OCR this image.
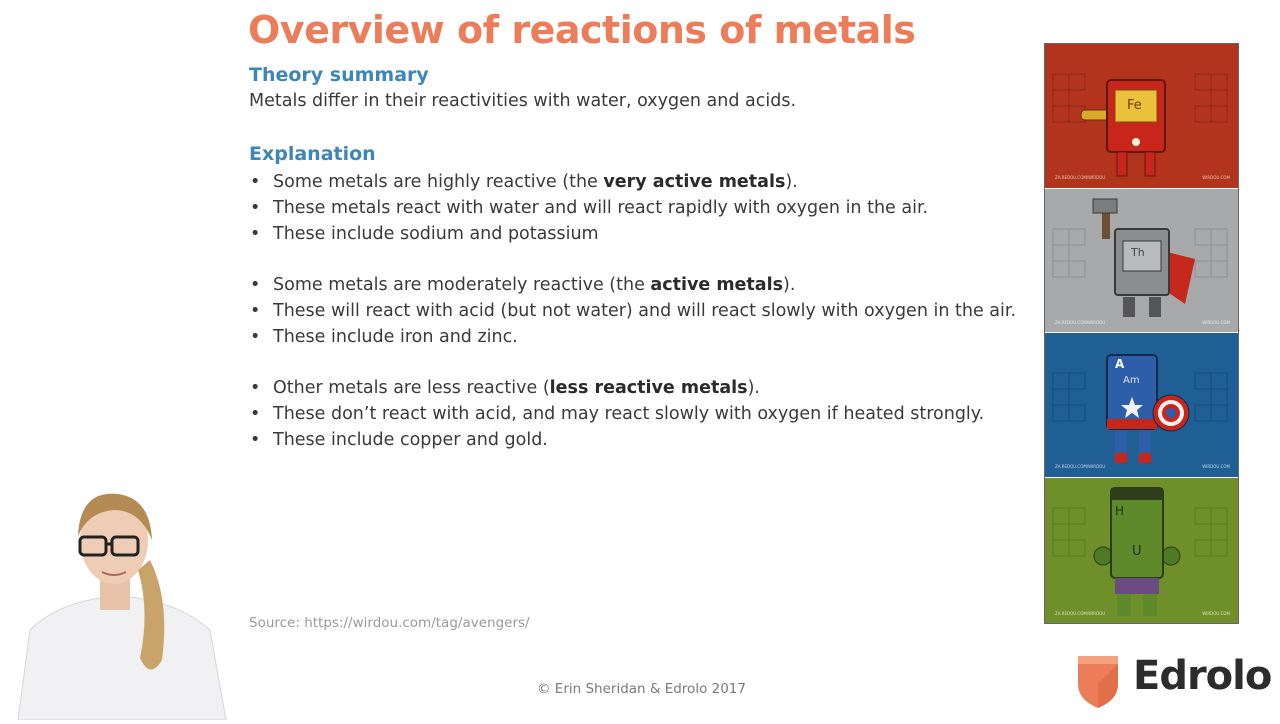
Overview of reactions of metals
Theory summary
Metals differ in their reactivities with water, oxygen and acids.
Explanation
• Some metals are highly reactive (the very active metals).
• These metals react with water and will react rapidly with oxygen in the air.
• These include sodium and potassium
• Some metals are moderately reactive (the active metals).
• These will react with acid (but not water) and will react slowly with oxygen in the air.
• These include iron and zinc.
• Other metals are less reactive (less reactive metals).
• These don’t react with acid, and may react slowly with oxygen if heated strongly.
• These include copper and gold.
Source: https://wirdou.com/tag/avengers/
© Erin Sheridan & Edrolo 2017
Fe
ZA.REDOU.COM/WIRDOU	WIRDOU.COM
Th
ZA.REDOU.COM/WIRDOU	WIRDOU.COM
A
Am
ZA.REDOU.COM/WIRDOU	WIRDOU.COM
H
U
ZA.REDOU.COM/WIRDOU	WIRDOU.COM
Edrolo
